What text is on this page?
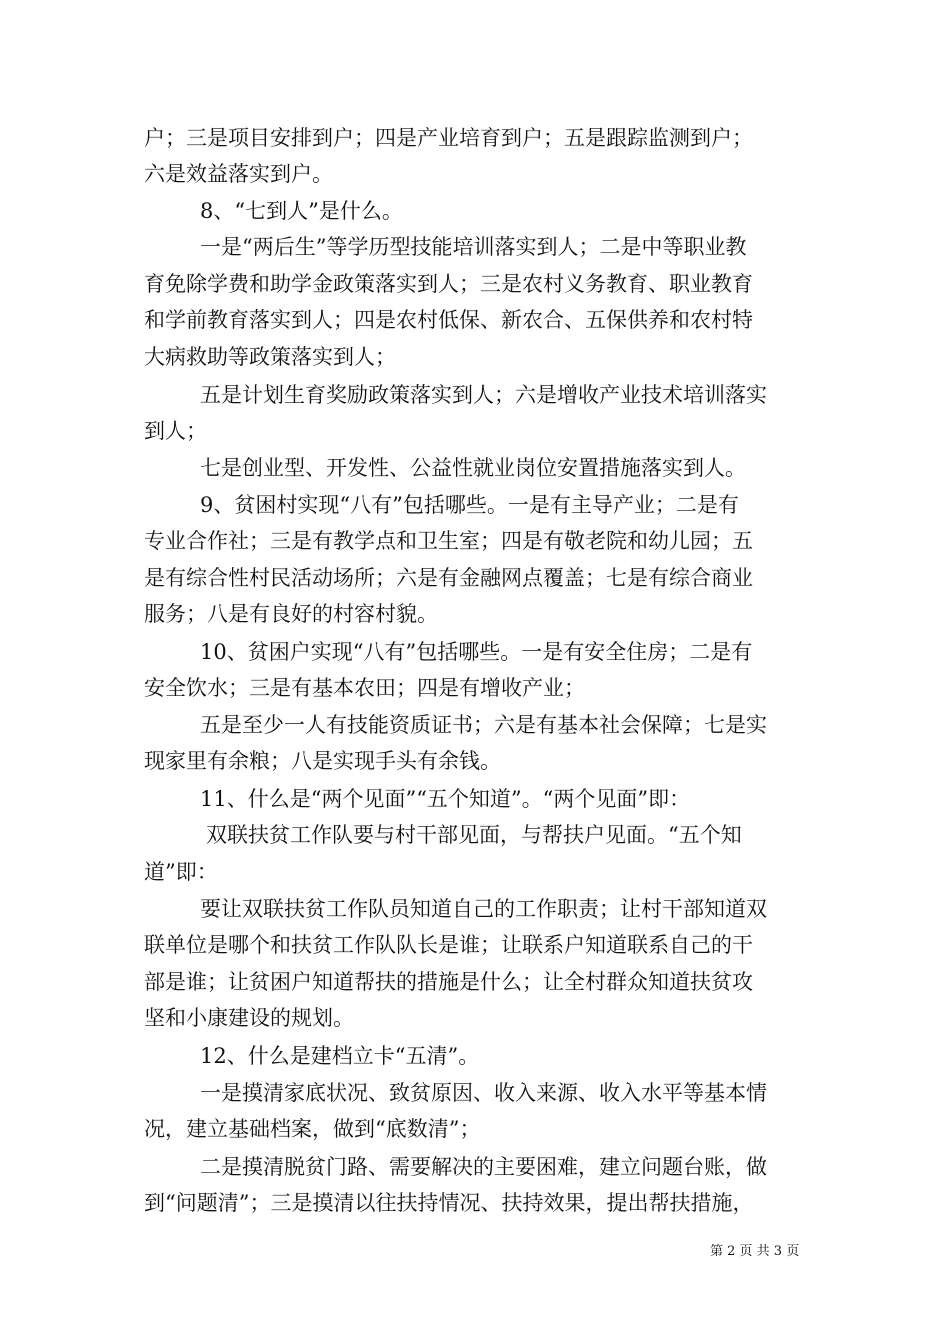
户；三是项目安排到户；四是产业培育到户；五是跟踪监测到户；
六是效益落实到户。
8、“七到人”是什么。
一是“两后生”等学历型技能培训落实到人；二是中等职业教
育免除学费和助学金政策落实到人；三是农村义务教育、职业教育
和学前教育落实到人；四是农村低保、新农合、五保供养和农村特
大病救助等政策落实到人；
五是计划生育奖励政策落实到人；六是增收产业技术培训落实
到人；
七是创业型、开发性、公益性就业岗位安置措施落实到人。
9、贫困村实现“八有”包括哪些。一是有主导产业；二是有
专业合作社；三是有教学点和卫生室；四是有敬老院和幼儿园；五
是有综合性村民活动场所；六是有金融网点覆盖；七是有综合商业
服务；八是有良好的村容村貌。
10、贫困户实现“八有”包括哪些。一是有安全住房；二是有
安全饮水；三是有基本农田；四是有增收产业；
五是至少一人有技能资质证书；六是有基本社会保障；七是实
现家里有余粮；八是实现手头有余钱。
11、什么是“两个见面”“五个知道”。“两个见面”即：
双联扶贫工作队要与村干部见面，与帮扶户见面。“五个知
道”即：
要让双联扶贫工作队员知道自己的工作职责；让村干部知道双
联单位是哪个和扶贫工作队队长是谁；让联系户知道联系自己的干
部是谁；让贫困户知道帮扶的措施是什么；让全村群众知道扶贫攻
坚和小康建设的规划。
12、什么是建档立卡“五清”。
一是摸清家底状况、致贫原因、收入来源、收入水平等基本情
况，建立基础档案，做到“底数清”；
二是摸清脱贫门路、需要解决的主要困难，建立问题台账，做
到“问题清”；三是摸清以往扶持情况、扶持效果，提出帮扶措施，
第 2 页 共 3 页
